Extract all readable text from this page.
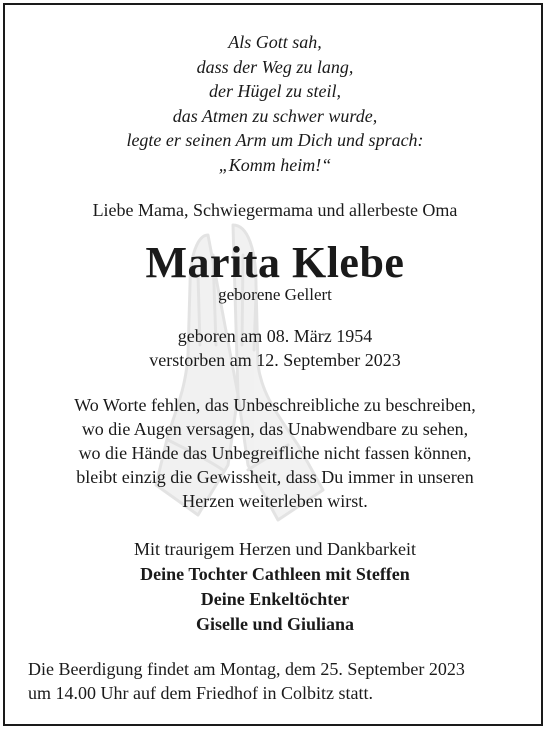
Als Gott sah,
dass der Weg zu lang,
der Hügel zu steil,
das Atmen zu schwer wurde,
legte er seinen Arm um Dich und sprach:
„Komm heim!“
Liebe Mama, Schwiegermama und allerbeste Oma
Marita Klebe
geborene Gellert
geboren am 08. März 1954
verstorben am 12. September 2023
Wo Worte fehlen, das Unbeschreibliche zu beschreiben,
wo die Augen versagen, das Unabwendbare zu sehen,
wo die Hände das Unbegreifliche nicht fassen können,
bleibt einzig die Gewissheit, dass Du immer in unseren
Herzen weiterleben wirst.
Mit traurigem Herzen und Dankbarkeit
Deine Tochter Cathleen mit Steffen
Deine Enkeltöchter
Giselle und Giuliana
Die Beerdigung findet am Montag, dem 25. September 2023
um 14.00 Uhr auf dem Friedhof in Colbitz statt.
